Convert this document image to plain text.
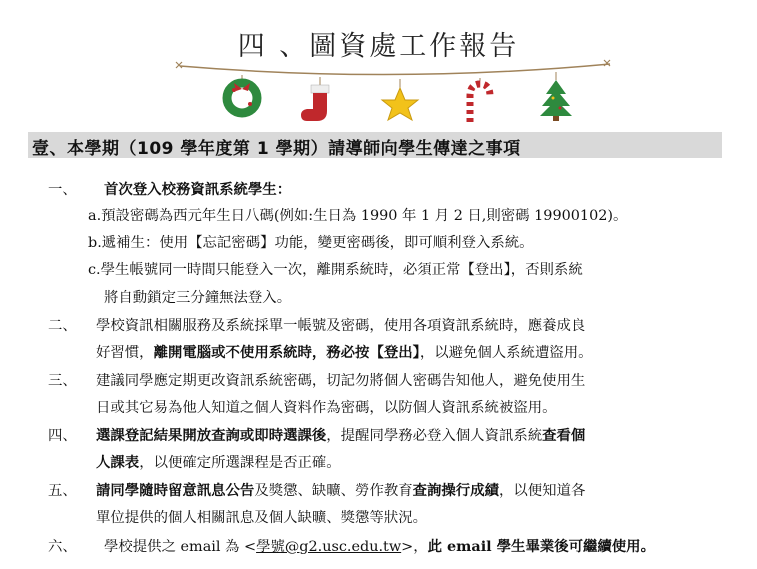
四 、圖資處工作報告
壹、本學期（109 學年度第 1 學期）請導師向學生傳達之事項
一、 首次登入校務資訊系統學生：
a.預設密碼為西元年生日八碼(例如:生日為 1990 年 1 月 2 日,則密碼 19900102)。
b.遞補生：使用【忘記密碼】功能，變更密碼後，即可順利登入系統。
c.學生帳號同一時間只能登入一次，離開系統時，必須正常【登出】，否則系統
將自動鎖定三分鐘無法登入。
二、 學校資訊相關服務及系統採單一帳號及密碼，使用各項資訊系統時，應養成良
好習慣，離開電腦或不使用系統時，務必按【登出】，以避免個人系統遭盜用。
三、 建議同學應定期更改資訊系統密碼，切記勿將個人密碼告知他人，避免使用生
日或其它易為他人知道之個人資料作為密碼，以防個人資訊系統被盜用。
四、 選課登記結果開放查詢或即時選課後，提醒同學務必登入個人資訊系統查看個
人課表，以便確定所選課程是否正確。
五、 請同學隨時留意訊息公告及獎懲、缺曠、勞作教育查詢操行成績，以便知道各
單位提供的個人相關訊息及個人缺曠、獎懲等狀況。
六、 學校提供之 email 為 <學號@g2.usc.edu.tw>，此 email 學生畢業後可繼續使用。
